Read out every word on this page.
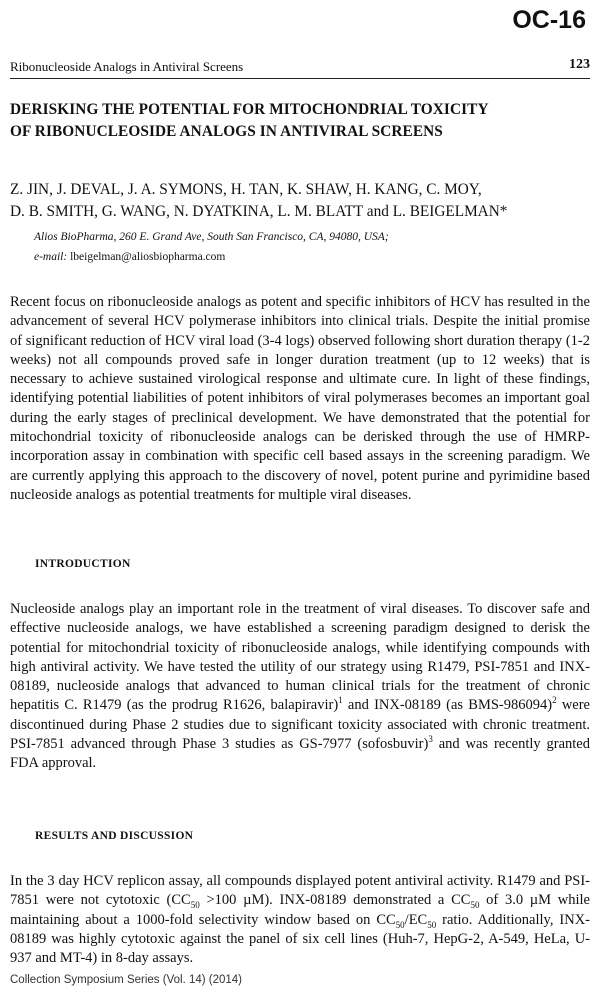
OC-16
Ribonucleoside Analogs in Antiviral Screens	123
DERISKING THE POTENTIAL FOR MITOCHONDRIAL TOXICITY
OF RIBONUCLEOSIDE ANALOGS IN ANTIVIRAL SCREENS
Z. JIN, J. DEVAL, J. A. SYMONS, H. TAN, K. SHAW, H. KANG, C. MOY,
D. B. SMITH, G. WANG, N. DYATKINA, L. M. BLATT and L. BEIGELMAN*
Alios BioPharma, 260 E. Grand Ave, South San Francisco, CA, 94080, USA;
e-mail: lbeigelman@aliosbiopharma.com
Recent focus on ribonucleoside analogs as potent and specific inhibitors of HCV has resulted in the advancement of several HCV polymerase inhibitors into clinical trials. Despite the initial promise of significant reduction of HCV viral load (3-4 logs) observed following short duration therapy (1-2 weeks) not all compounds proved safe in longer duration treatment (up to 12 weeks) that is necessary to achieve sustained virological response and ultimate cure. In light of these findings, identifying potential liabilities of potent inhibitors of viral polymerases becomes an important goal during the early stages of preclinical development. We have demonstrated that the potential for mitochondrial toxicity of ribonucleoside analogs can be derisked through the use of HMRP-incorporation assay in combination with specific cell based assays in the screening paradigm. We are currently applying this approach to the discovery of novel, potent purine and pyrimidine based nucleoside analogs as potential treatments for multiple viral diseases.
INTRODUCTION
Nucleoside analogs play an important role in the treatment of viral diseases. To discover safe and effective nucleoside analogs, we have established a screening paradigm designed to derisk the potential for mitochondrial toxicity of ribonucleoside analogs, while identifying compounds with high antiviral activity. We have tested the utility of our strategy using R1479, PSI-7851 and INX-08189, nucleoside analogs that advanced to human clinical trials for the treatment of chronic hepatitis C. R1479 (as the prodrug R1626, balapiravir)$^1$ and INX-08189 (as BMS-986094)$^2$ were discontinued during Phase 2 studies due to significant toxicity associated with chronic treatment. PSI-7851 advanced through Phase 3 studies as GS-7977 (sofosbuvir)$^3$ and was recently granted FDA approval.
RESULTS AND DISCUSSION
In the 3 day HCV replicon assay, all compounds displayed potent antiviral activity. R1479 and PSI-7851 were not cytotoxic ($CC_{50} >100$ µM). INX-08189 demonstrated a $CC_{50}$ of 3.0 µM while maintaining about a 1000-fold selectivity window based on $CC_{50}/EC_{50}$ ratio. Additionally, INX-08189 was highly cytotoxic against the panel of six cell lines (Huh-7, HepG-2, A-549, HeLa, U-937 and MT-4) in 8-day assays.
Collection Symposium Series (Vol. 14) (2014)
